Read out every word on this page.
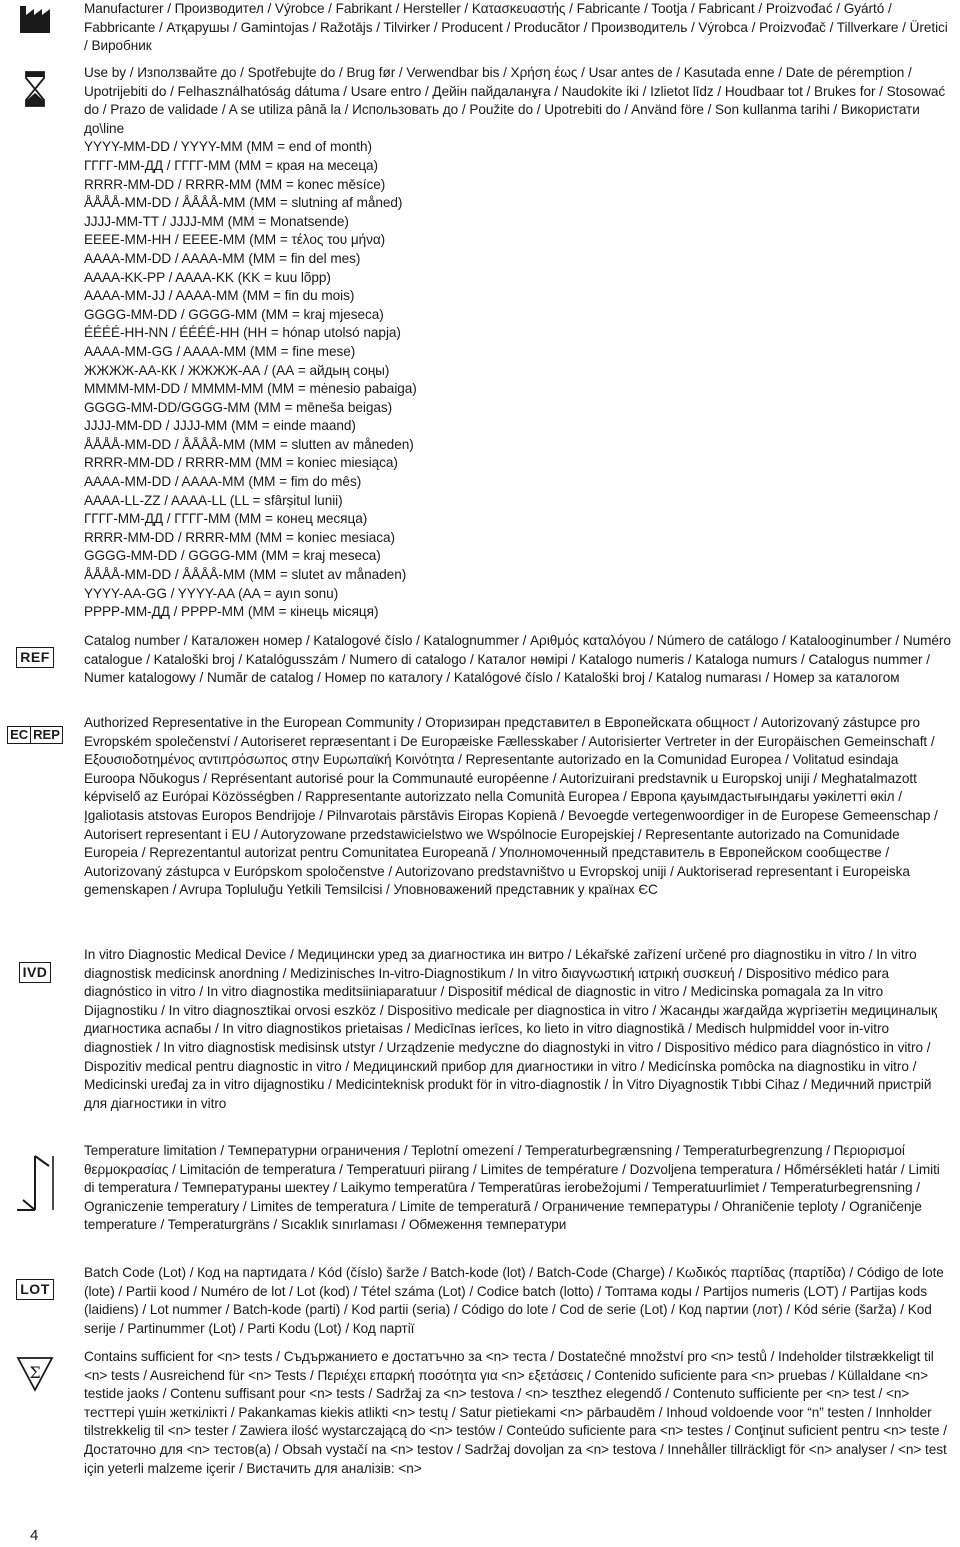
Manufacturer / Производител / Výrobce / Fabrikant / Hersteller / Κατασκευαστής / Fabricante / Tootja / Fabricant / Proizvođać / Gyártó / Fabbricante / Атқарушы / Gamintojas / Ražotājs / Tilvirker / Producent / Producător / Производитель / Výrobca / Proizvođač / Tillverkare / Üretici / Виробник

Use by / Използвайте до / Spotřebujte do / Brug før / Verwendbar bis / Χρήση έως / Usar antes de / Kasutada enne / Date de péremption / Upotrijebiti do / Felhasználhatóság dátuma / Usare entro / Дейін пайдаланұға / Naudokite iki / Izlietot līdz / Houdbaar tot / Brukes for / Stosować do / Prazo de validade / A se utiliza până la / Использовать до / Použite do / Upotrebiti do / Använd före / Son kullanma tarihi / Використати до\line

YYYY-MM-DD / YYYY-MM (MM = end of month)

ГГГГ-ММ-ДД / ГГГГ-ММ (ММ = края на месеца)

RRRR-MM-DD / RRRR-MM (MM = konec měsíce)

ÅÅÅÅ-MM-DD / ÅÅÅÅ-MM (MM = slutning af måned)

JJJJ-MM-TT / JJJJ-MM (MM = Monatsende)

ΕΕΕΕ-ΜΜ-ΗΗ / ΕΕΕΕ-ΜΜ (ΜΜ = τέλος του μήνα)

AAAA-MM-DD / AAAA-MM (MM = fin del mes)

AAAA-KK-PP / AAAA-KK (KK = kuu lõpp)

AAAA-MM-JJ / AAAA-MM (MM = fin du mois)

GGGG-MM-DD / GGGG-MM (MM = kraj mjeseca)

ÉÉÉÉ-HH-NN / ÉÉÉÉ-HH (HH = hónap utolsó napja)

AAAA-MM-GG / AAAA-MM (MM = fine mese)

ЖЖЖЖ-АА-КК / ЖЖЖЖ-АА / (АА = айдың соңы)

MMMM-MM-DD / MMMM-MM (MM = mėnesio pabaiga)

GGGG-MM-DD/GGGG-MM (MM = mēneša beigas)

JJJJ-MM-DD / JJJJ-MM (MM = einde maand)

ÅÅÅÅ-MM-DD / ÅÅÅÅ-MM (MM = slutten av måneden)

RRRR-MM-DD / RRRR-MM (MM = koniec miesiąca)

AAAA-MM-DD / AAAA-MM (MM = fim do mês)

AAAA-LL-ZZ / AAAA-LL (LL = sfârșitul lunii)

ГГГГ-ММ-ДД / ГГГГ-ММ (ММ = конец месяца)

RRRR-MM-DD / RRRR-MM (MM = koniec mesiaca)

GGGG-MM-DD / GGGG-MM (MM = kraj meseca)

ÅÅÅÅ-MM-DD / ÅÅÅÅ-MM (MM = slutet av månaden)

YYYY-AA-GG / YYYY-AA (AA = ayın sonu)

РРРР-ММ-ДД / РРРР-ММ (ММ = кінець місяця)

REF

Catalog number / Каталожен номер / Katalogové číslo / Katalognummer / Αριθμός καταλόγου / Número de catálogo / Katalooginumber / Numéro catalogue / Kataloški broj / Katalógusszám / Numero di catalogo / Каталог нөмірі / Katalogo numeris / Kataloga numurs / Catalogus nummer / Numer katalogowy / Număr de catalog / Номер по каталогу / Katalógové číslo / Kataloški broj / Katalog numarası / Номер за каталогом

EC REP

Authorized Representative in the European Community / Оторизиран представител в Европейската общност / Autorizovaný zástupce pro Evropském společenství / Autoriseret repræsentant i De Europæiske Fællesskaber / Autorisierter Vertreter in der Europäischen Gemeinschaft / Εξουσιοδοτημένος αντιπρόσωπος στην Ευρωπαϊκή Κοινότητα / Representante autorizado en la Comunidad Europea / Volitatud esindaja Euroopa Nõukogus / Représentant autorisé pour la Communauté européenne / Autorizuirani predstavnik u Europskoj uniji / Meghatalmazott képviselő az Európai Közösségben / Rappresentante autorizzato nella Comunità Europea / Европа қауымдастығындағы уәкілетті өкіл / Įgaliotasis atstovas Europos Bendrijoje / Pilnvarotais pārstāvis Eiropas Kopienā / Bevoegde vertegenwoordiger in de Europese Gemeenschap / Autorisert representant i EU / Autoryzowane przedstawicielstwo we Wspólnocie Europejskiej / Representante autorizado na Comunidade Europeia / Reprezentantul autorizat pentru Comunitatea Europeană / Уполномоченный представитель в Европейском сообществе / Autorizovaný zástupca v Európskom spoločenstve / Autorizovano predstavništvo u Evropskoj uniji / Auktoriserad representant i Europeiska gemenskapen / Avrupa Topluluğu Yetkili Temsilcisi / Уповноважений представник у країнах ЄС

IVD

In vitro Diagnostic Medical Device / Медицински уред за диагностика ин витро / Lékařské zařízení určené pro diagnostiku in vitro / In vitro diagnostisk medicinsk anordning / Medizinisches In-vitro-Diagnostikum / In vitro διαγνωστική ιατρική συσκευή / Dispositivo médico para diagnóstico in vitro / In vitro diagnostika meditsiiniaparatuur / Dispositif médical de diagnostic in vitro / Medicinska pomagala za In vitro Dijagnostiku / In vitro diagnosztikai orvosi eszköz / Dispositivo medicale per diagnostica in vitro / Жасанды жағдайда жүргізетін медициналық диагностика аспабы / In vitro diagnostikos prietaisas / Medicīnas ierīces, ko lieto in vitro diagnostikā / Medisch hulpmiddel voor in-vitro diagnostiek / In vitro diagnostisk medisinsk utstyr / Urządzenie medyczne do diagnostyki in vitro / Dispositivo médico para diagnóstico in vitro / Dispozitiv medical pentru diagnostic in vitro / Медицинский прибор для диагностики in vitro / Medicínska pomôcka na diagnostiku in vitro / Medicinski uređaj za in vitro dijagnostiku / Medicinteknisk produkt för in vitro-diagnostik / İn Vitro Diyagnostik Tıbbi Cihaz / Медичний пристрій для діагностики in vitro

Temperature limitation / Температурни ограничения / Teplotní omezení / Temperaturbegrænsning / Temperaturbegrenzung / Περιορισμοί θερμοκρασίας / Limitación de temperatura / Temperatuuri piirang / Limites de température / Dozvoljena temperatura / Hőmérsékleti határ / Limiti di temperatura / Температураны шектеу / Laikymo temperatūra / Temperatūras ierobežojumi / Temperatuurlimiet / Temperaturbegrensning / Ograniczenie temperatury / Limites de temperatura / Limite de temperatură / Ограничение температуры / Ohraničenie teploty / Ograničenje temperature / Temperaturgräns / Sıcaklık sınırlaması / Обмеження температури

LOT

Batch Code (Lot) / Код на партидата / Kód (číslo) šarže / Batch-kode (lot) / Batch-Code (Charge) / Κωδικός παρτίδας (παρτίδα) / Código de lote (lote) / Partii kood / Numéro de lot / Lot (kod) / Tétel száma (Lot) / Codice batch (lotto) / Топтама коды / Partijos numeris (LOT) / Partijas kods (laidiens) / Lot nummer / Batch-kode (parti) / Kod partii (seria) / Código do lote / Cod de serie (Lot) / Код партии (лот) / Kód série (šarža) / Kod serije / Partinummer (Lot) / Parti Kodu (Lot) / Код партії

Σ

Contains sufficient for <n> tests / Съдържанието е достатъчно за <n> теста / Dostatečné množství pro <n> testů / Indeholder tilstrækkeligt til <n> tests / Ausreichend für <n> Tests / Περιέχει επαρκή ποσότητα για <n> εξετάσεις / Contenido suficiente para <n> pruebas / Küllaldane <n> testide jaoks / Contenu suffisant pour <n> tests / Sadržaj za <n> testova / <n> teszthez elegendő / Contenuto sufficiente per <n> test / <n> тесттері үшін жеткілікті / Pakankamas kiekis atlikti <n> testų / Satur pietiekami <n> pārbaudēm / Inhoud voldoende voor “n” testen / Innholder tilstrekkelig til <n> tester / Zawiera ilość wystarczającą do <n> testów / Conteúdo suficiente para <n> testes / Conţinut suficient pentru <n> teste / Достаточно для <n> тестов(а) / Obsah vystačí na <n> testov / Sadržaj dovoljan za <n> testova / Innehåller tillräckligt för <n> analyser / <n> test için yeterli malzeme içerir / Вистачить для аналізів: <n>

4
